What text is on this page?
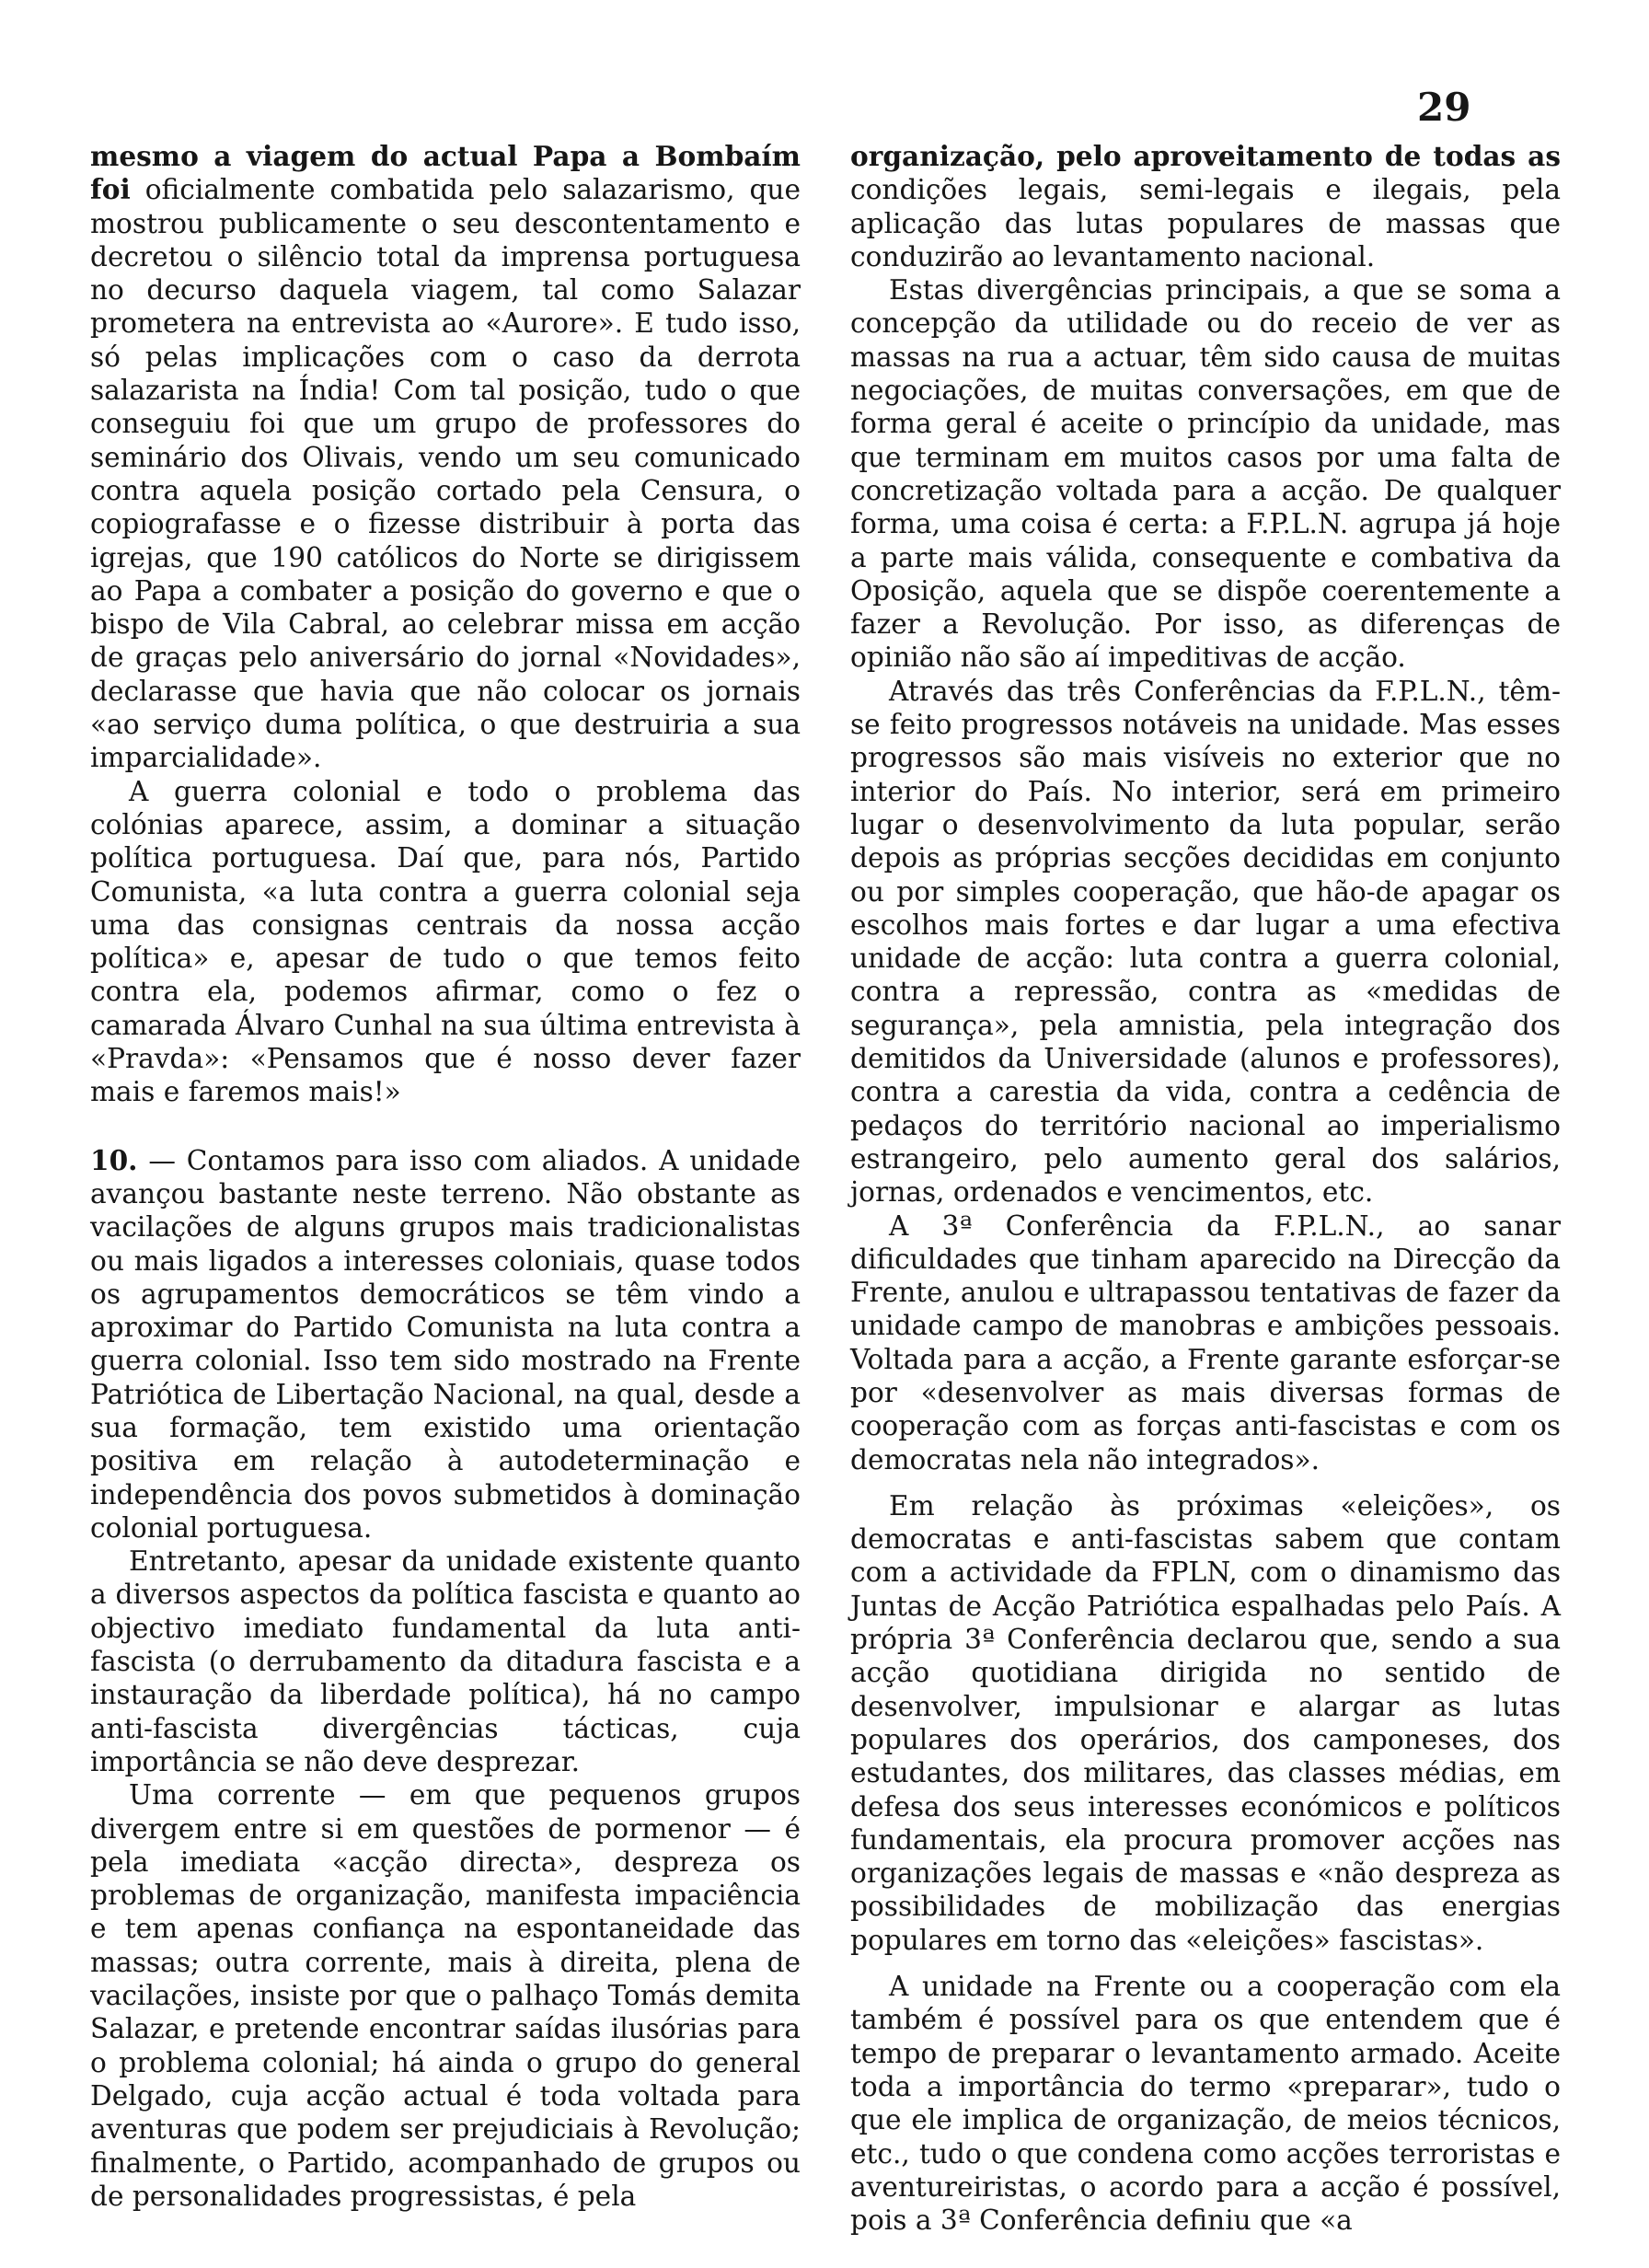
29

mesmo a viagem do actual Papa a Bombaím foi oficialmente combatida pelo salazarismo, que mostrou publicamente o seu descontentamento e decretou o silêncio total da imprensa portuguesa no decurso daquela viagem, tal como Salazar prometera na entrevista ao «Aurore». E tudo isso, só pelas implicações com o caso da derrota salazarista na Índia! Com tal posição, tudo o que conseguiu foi que um grupo de professores do seminário dos Olivais, vendo um seu comunicado contra aquela posição cortado pela Censura, o copiografasse e o fizesse distribuir à porta das igrejas, que 190 católicos do Norte se dirigissem ao Papa a combater a posição do governo e que o bispo de Vila Cabral, ao celebrar missa em acção de graças pelo aniversário do jornal «Novidades», declarasse que havia que não colocar os jornais «ao serviço duma política, o que destruiria a sua imparcialidade».

A guerra colonial e todo o problema das colónias aparece, assim, a dominar a situação política portuguesa. Daí que, para nós, Partido Comunista, «a luta contra a guerra colonial seja uma das consignas centrais da nossa acção política» e, apesar de tudo o que temos feito contra ela, podemos afirmar, como o fez o camarada Álvaro Cunhal na sua última entrevista à «Pravda»: «Pensamos que é nosso dever fazer mais e faremos mais!»

10. — Contamos para isso com aliados. A unidade avançou bastante neste terreno. Não obstante as vacilações de alguns grupos mais tradicionalistas ou mais ligados a interesses coloniais, quase todos os agrupamentos democráticos se têm vindo a aproximar do Partido Comunista na luta contra a guerra colonial. Isso tem sido mostrado na Frente Patriótica de Libertação Nacional, na qual, desde a sua formação, tem existido uma orientação positiva em relação à autodeterminação e independência dos povos submetidos à dominação colonial portuguesa.

Entretanto, apesar da unidade existente quanto a diversos aspectos da política fascista e quanto ao objectivo imediato fundamental da luta anti-fascista (o derrubamento da ditadura fascista e a instauração da liberdade política), há no campo anti-fascista divergências tácticas, cuja importância se não deve desprezar.

Uma corrente — em que pequenos grupos divergem entre si em questões de pormenor — é pela imediata «acção directa», despreza os problemas de organização, manifesta impaciência e tem apenas confiança na espontaneidade das massas; outra corrente, mais à direita, plena de vacilações, insiste por que o palhaço Tomás demita Salazar, e pretende encontrar saídas ilusórias para o problema colonial; há ainda o grupo do general Delgado, cuja acção actual é toda voltada para aventuras que podem ser prejudiciais à Revolução; finalmente, o Partido, acompanhado de grupos ou de personalidades progressistas, é pela

organização, pelo aproveitamento de todas as condições legais, semi-legais e ilegais, pela aplicação das lutas populares de massas que conduzirão ao levantamento nacional.

Estas divergências principais, a que se soma a concepção da utilidade ou do receio de ver as massas na rua a actuar, têm sido causa de muitas negociações, de muitas conversações, em que de forma geral é aceite o princípio da unidade, mas que terminam em muitos casos por uma falta de concretização voltada para a acção. De qualquer forma, uma coisa é certa: a F.P.L.N. agrupa já hoje a parte mais válida, consequente e combativa da Oposição, aquela que se dispõe coerentemente a fazer a Revolução. Por isso, as diferenças de opinião não são aí impeditivas de acção.

Através das três Conferências da F.P.L.N., têm-se feito progressos notáveis na unidade. Mas esses progressos são mais visíveis no exterior que no interior do País. No interior, será em primeiro lugar o desenvolvimento da luta popular, serão depois as próprias secções decididas em conjunto ou por simples cooperação, que hão-de apagar os escolhos mais fortes e dar lugar a uma efectiva unidade de acção: luta contra a guerra colonial, contra a repressão, contra as «medidas de segurança», pela amnistia, pela integração dos demitidos da Universidade (alunos e professores), contra a carestia da vida, contra a cedência de pedaços do território nacional ao imperialismo estrangeiro, pelo aumento geral dos salários, jornas, ordenados e vencimentos, etc.

A 3ª Conferência da F.P.L.N., ao sanar dificuldades que tinham aparecido na Direcção da Frente, anulou e ultrapassou tentativas de fazer da unidade campo de manobras e ambições pessoais. Voltada para a acção, a Frente garante esforçar-se por «desenvolver as mais diversas formas de cooperação com as forças anti-fascistas e com os democratas nela não integrados».

Em relação às próximas «eleições», os democratas e anti-fascistas sabem que contam com a actividade da FPLN, com o dinamismo das Juntas de Acção Patriótica espalhadas pelo País. A própria 3ª Conferência declarou que, sendo a sua acção quotidiana dirigida no sentido de desenvolver, impulsionar e alargar as lutas populares dos operários, dos camponeses, dos estudantes, dos militares, das classes médias, em defesa dos seus interesses económicos e políticos fundamentais, ela procura promover acções nas organizações legais de massas e «não despreza as possibilidades de mobilização das energias populares em torno das «eleições» fascistas».

A unidade na Frente ou a cooperação com ela também é possível para os que entendem que é tempo de preparar o levantamento armado. Aceite toda a importância do termo «preparar», tudo o que ele implica de organização, de meios técnicos, etc., tudo o que condena como acções terroristas e aventureiristas, o acordo para a acção é possível, pois a 3ª Conferência definiu que «a
